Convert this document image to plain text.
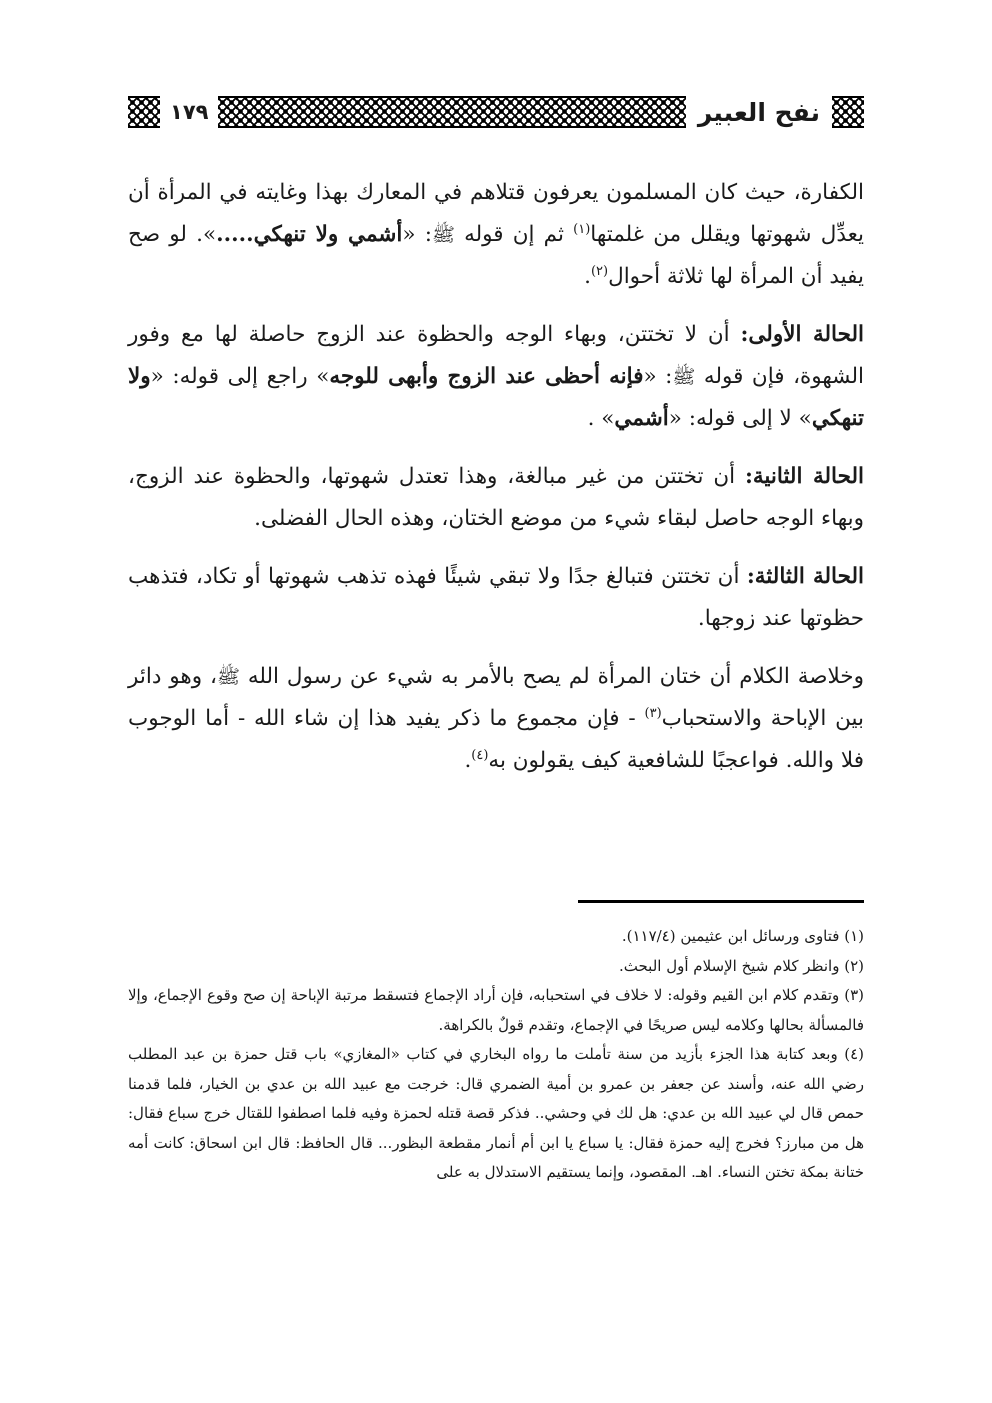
نفح العبير
١٧٩

الكفارة، حيث كان المسلمون يعرفون قتلاهم في المعارك بهذا وغايته في المرأة أن يعدِّل شهوتها ويقلل من غلمتها$^{(١)}$ ثم إن قوله ﷺ: «أشمي ولا تنهكي.....». لو صح يفيد أن المرأة لها ثلاثة أحوال$^{(٢)}$.

الحالة الأولى: أن لا تختتن، وبهاء الوجه والحظوة عند الزوج حاصلة لها مع وفور الشهوة، فإن قوله ﷺ: «فإنه أحظى عند الزوج وأبهى للوجه» راجع إلى قوله: «ولا تنهكي» لا إلى قوله: «أشمي» .

الحالة الثانية: أن تختتن من غير مبالغة، وهذا تعتدل شهوتها، والحظوة عند الزوج، وبهاء الوجه حاصل لبقاء شيء من موضع الختان، وهذه الحال الفضلى.

الحالة الثالثة: أن تختتن فتبالغ جدًا ولا تبقي شيئًا فهذه تذهب شهوتها أو تكاد، فتذهب حظوتها عند زوجها.

وخلاصة الكلام أن ختان المرأة لم يصح بالأمر به شيء عن رسول الله ﷺ، وهو دائر بين الإباحة والاستحباب$^{(٣)}$ - فإن مجموع ما ذكر يفيد هذا إن شاء الله - أما الوجوب فلا والله. فواعجبًا للشافعية كيف يقولون به$^{(٤)}$.

(١) فتاوى ورسائل ابن عثيمين (١١٧/٤).

(٢) وانظر كلام شيخ الإسلام أول البحث.

(٣) وتقدم كلام ابن القيم وقوله: لا خلاف في استحبابه، فإن أراد الإجماع فتسقط مرتبة الإباحة إن صح وقوع الإجماع، وإلا فالمسألة بحالها وكلامه ليس صريحًا في الإجماع، وتقدم قولٌ بالكراهة.

(٤) وبعد كتابة هذا الجزء بأزيد من سنة تأملت ما رواه البخاري في كتاب «المغازي» باب قتل حمزة بن عبد المطلب رضي الله عنه، وأسند عن جعفر بن عمرو بن أمية الضمري قال: خرجت مع عبيد الله بن عدي بن الخيار، فلما قدمنا حمص قال لي عبيد الله بن عدي: هل لك في وحشي.. فذكر قصة قتله لحمزة وفيه فلما اصطفوا للقتال خرج سباع فقال: هل من مبارز؟ فخرج إليه حمزة فقال: يا سباع يا ابن أم أنمار مقطعة البظور... قال الحافظ: قال ابن اسحاق: كانت أمه ختانة بمكة تختن النساء. اهـ. المقصود، وإنما يستقيم الاستدلال به على
